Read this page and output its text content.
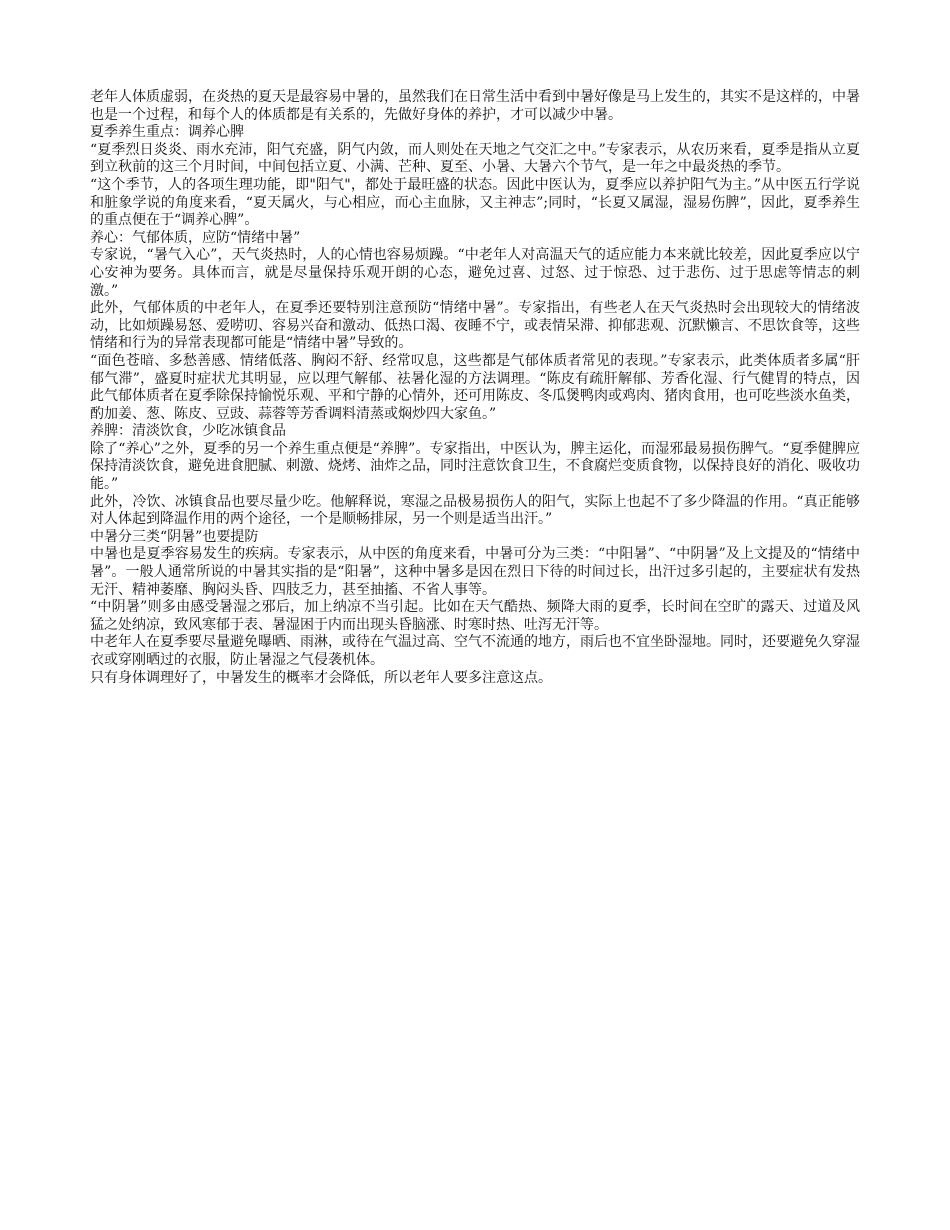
老年人体质虚弱，在炎热的夏天是最容易中暑的，虽然我们在日常生活中看到中暑好像是马上发生的，其实不是这样的，中暑也是一个过程，和每个人的体质都是有关系的，先做好身体的养护，才可以减少中暑。

夏季养生重点：调养心脾

“夏季烈日炎炎、雨水充沛，阳气充盛，阴气内敛，而人则处在天地之气交汇之中。”专家表示，从农历来看，夏季是指从立夏到立秋前的这三个月时间，中间包括立夏、小满、芒种、夏至、小暑、大暑六个节气，是一年之中最炎热的季节。

“这个季节，人的各项生理功能，即"阳气"，都处于最旺盛的状态。因此中医认为，夏季应以养护阳气为主。”从中医五行学说和脏象学说的角度来看，“夏天属火，与心相应，而心主血脉，又主神志”;同时，“长夏又属湿，湿易伤脾”，因此，夏季养生的重点便在于“调养心脾”。

养心：气郁体质，应防“情绪中暑”

专家说，“暑气入心”，天气炎热时，人的心情也容易烦躁。“中老年人对高温天气的适应能力本来就比较差，因此夏季应以宁心安神为要务。具体而言，就是尽量保持乐观开朗的心态，避免过喜、过怒、过于惊恐、过于悲伤、过于思虑等情志的刺激。”

此外，气郁体质的中老年人，在夏季还要特别注意预防“情绪中暑”。专家指出，有些老人在天气炎热时会出现较大的情绪波动，比如烦躁易怒、爱唠叨、容易兴奋和激动、低热口渴、夜睡不宁，或表情呆滞、抑郁悲观、沉默懒言、不思饮食等，这些情绪和行为的异常表现都可能是“情绪中暑”导致的。

“面色苍暗、多愁善感、情绪低落、胸闷不舒、经常叹息，这些都是气郁体质者常见的表现。”专家表示，此类体质者多属“肝郁气滞”，盛夏时症状尤其明显，应以理气解郁、祛暑化湿的方法调理。“陈皮有疏肝解郁、芳香化湿、行气健胃的特点，因此气郁体质者在夏季除保持愉悦乐观、平和宁静的心情外，还可用陈皮、冬瓜煲鸭肉或鸡肉、猪肉食用，也可吃些淡水鱼类，酌加姜、葱、陈皮、豆豉、蒜蓉等芳香调料清蒸或焖炒四大家鱼。”

养脾：清淡饮食，少吃冰镇食品

除了“养心”之外，夏季的另一个养生重点便是“养脾”。专家指出，中医认为，脾主运化，而湿邪最易损伤脾气。“夏季健脾应保持清淡饮食，避免进食肥腻、刺激、烧烤、油炸之品，同时注意饮食卫生，不食腐烂变质食物，以保持良好的消化、吸收功能。”

此外，冷饮、冰镇食品也要尽量少吃。他解释说，寒湿之品极易损伤人的阳气，实际上也起不了多少降温的作用。“真正能够对人体起到降温作用的两个途径，一个是顺畅排尿，另一个则是适当出汗。”

中暑分三类“阴暑”也要提防

中暑也是夏季容易发生的疾病。专家表示，从中医的角度来看，中暑可分为三类：“中阳暑”、“中阴暑”及上文提及的“情绪中暑”。一般人通常所说的中暑其实指的是“阳暑”，这种中暑多是因在烈日下待的时间过长，出汗过多引起的，主要症状有发热无汗、精神萎靡、胸闷头昏、四肢乏力，甚至抽搐、不省人事等。

“中阴暑”则多由感受暑湿之邪后，加上纳凉不当引起。比如在天气酷热、频降大雨的夏季，长时间在空旷的露天、过道及风猛之处纳凉，致风寒郁于表、暑湿困于内而出现头昏脑涨、时寒时热、吐泻无汗等。

中老年人在夏季要尽量避免曝晒、雨淋，或待在气温过高、空气不流通的地方，雨后也不宜坐卧湿地。同时，还要避免久穿湿衣或穿刚晒过的衣服，防止暑湿之气侵袭机体。

只有身体调理好了，中暑发生的概率才会降低，所以老年人要多注意这点。
